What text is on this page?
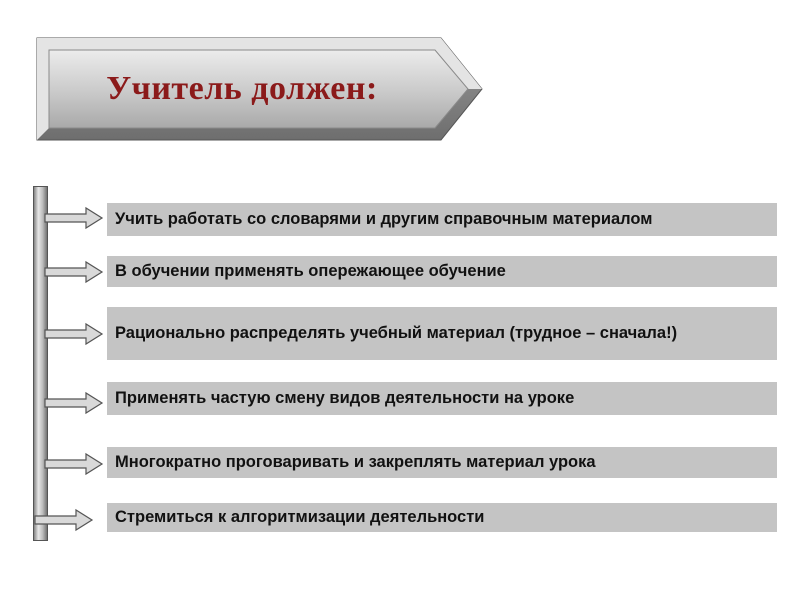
Учитель должен:
Учить работать со словарями и другим справочным материалом
В обучении применять опережающее обучение
Рационально распределять учебный материал (трудное – сначала!)
Применять частую смену видов деятельности на уроке
Многократно проговаривать и закреплять материал урока
Стремиться к алгоритмизации деятельности
